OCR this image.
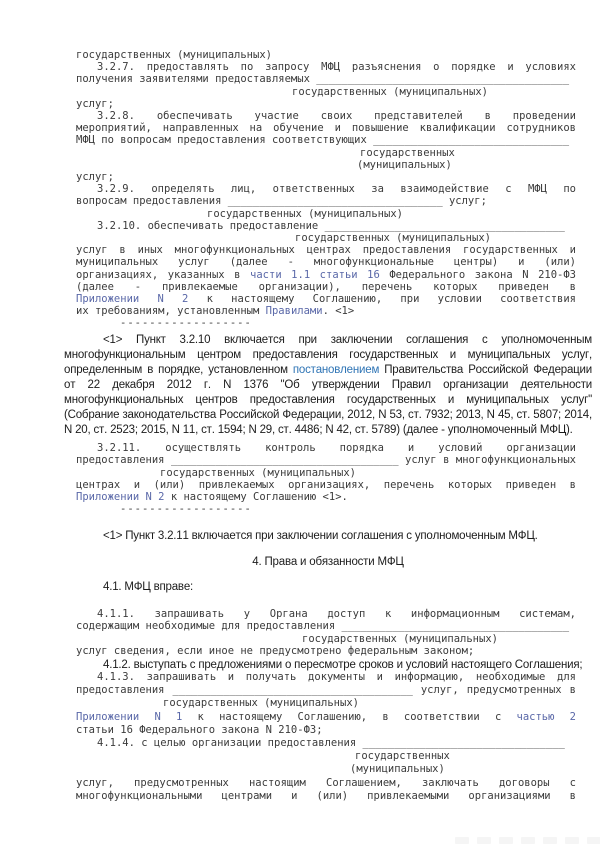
государственных (муниципальных)
3.2.7. предоставлять по запросу МФЦ разъяснения о порядке и условиях
получения заявителями предоставляемых ________________________________________
государственных (муниципальных)
услуг;
3.2.8. обеспечивать участие своих представителей в проведении
мероприятий, направленных на обучение и повышение квалификации сотрудников
МФЦ по вопросам предоставления соответствующих _______________________________
государственных
(муниципальных)
услуг;
3.2.9. определять лиц, ответственных за взаимодействие с МФЦ по
вопросам предоставления __________________________________ услуг;
государственных (муниципальных)
3.2.10. обеспечивать предоставление ______________________________________
государственных (муниципальных)
услуг в иных многофункциональных центрах предоставления государственных и
муниципальных услуг (далее - многофункциональные центры) и (или)
организациях, указанных в части 1.1 статьи 16 Федерального закона N 210-ФЗ
(далее - привлекаемые организации), перечень которых приведен в
Приложении N 2 к настоящему Соглашению, при условии соответствия
их требованиям, установленным Правилами. <1>
------------------
<1> Пункт 3.2.10 включается при заключении соглашения с уполномоченным
многофункциональным центром предоставления государственных и муниципальных услуг,
определенным в порядке, установленном постановлением Правительства Российской Федерации
от 22 декабря 2012 г. N 1376 "Об утверждении Правил организации деятельности
многофункциональных центров предоставления государственных и муниципальных услуг"
(Собрание законодательства Российской Федерации, 2012, N 53, ст. 7932; 2013, N 45, ст. 5807; 2014,
N 20, ст. 2523; 2015, N 11, ст. 1594; N 29, ст. 4486; N 42, ст. 5789) (далее - уполномоченный МФЦ).
3.2.11. осуществлять контроль порядка и условий организации
предоставления ____________________________________ услуг в многофункциональных
государственных (муниципальных)
центрах и (или) привлекаемых организациях, перечень которых приведен в
Приложении N 2 к настоящему Соглашению <1>.
------------------
<1> Пункт 3.2.11 включается при заключении соглашения с уполномоченным МФЦ.
4. Права и обязанности МФЦ
4.1. МФЦ вправе:
4.1.1. запрашивать у Органа доступ к информационным системам,
содержащим необходимые для предоставления ____________________________________
государственных (муниципальных)
услуг сведения, если иное не предусмотрено федеральным законом;
4.1.2. выступать с предложениями о пересмотре сроков и условий настоящего Соглашения;
4.1.3. запрашивать и получать документы и информацию, необходимые для
предоставления ______________________________________ услуг, предусмотренных в
государственных (муниципальных)
Приложении N 1 к настоящему Соглашению, в соответствии с частью 2
статьи 16 Федерального закона N 210-ФЗ;
4.1.4. с целью организации предоставления ________________________________
государственных
(муниципальных)
услуг, предусмотренных настоящим Соглашением, заключать договоры с
многофункциональными центрами и (или) привлекаемыми организациями в
